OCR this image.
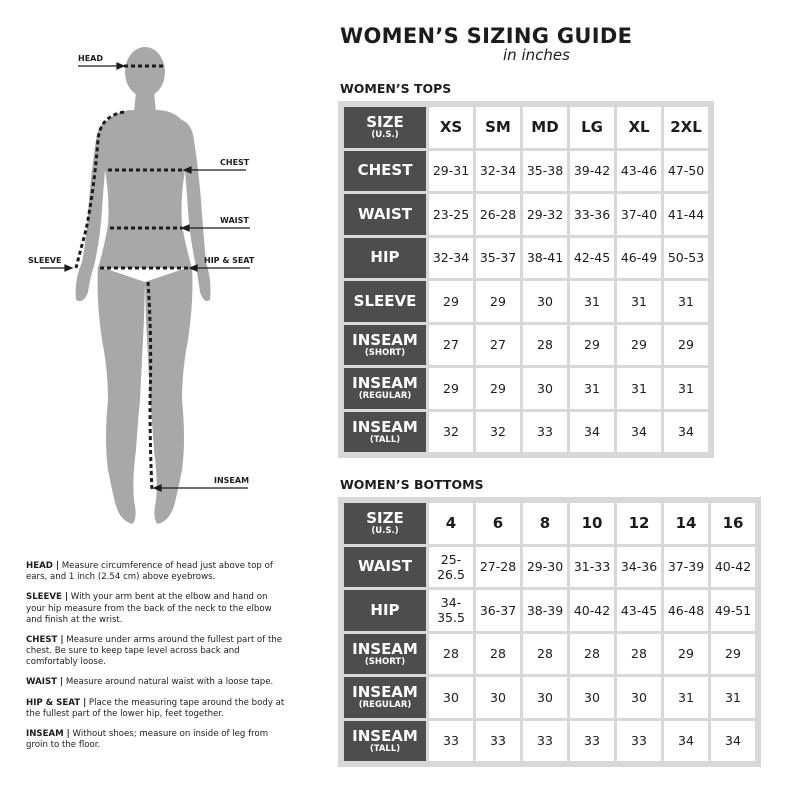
WOMEN’S SIZING GUIDE
in inches
HEAD
CHEST
WAIST
SLEEVE	HIP & SEAT
INSEAM
WOMEN’S TOPS
SIZE
(U.S.)	XS	SM	MD	LG	XL	2XL

CHEST	29-31	32-34	35-38	39-42	43-46	47-50

WAIST	23-25	26-28	29-32	33-36	37-40	41-44

HIP	32-34	35-37	38-41	42-45	46-49	50-53

SLEEVE	29	29	30	31	31	31

INSEAM
(SHORT)	27	27	28	29	29	29

INSEAM
(REGULAR)	29	29	30	31	31	31

INSEAM
(TALL)	32	32	33	34	34	34
WOMEN’S BOTTOMS
SIZE
(U.S.)	4	6	8	10	12	14	16

WAIST	25-
26.5	27-28	29-30	31-33	34-36	37-39	40-42

HIP	34-
35.5	36-37	38-39	40-42	43-45	46-48	49-51

INSEAM
(SHORT)	28	28	28	28	28	29	29

INSEAM
(REGULAR)	30	30	30	30	30	31	31

INSEAM
(TALL)	33	33	33	33	33	34	34

HEAD | Measure circumference of head just above top of ears, and 1 inch (2.54 cm) above eyebrows.

SLEEVE | With your arm bent at the elbow and hand on your hip measure from the back of the neck to the elbow and finish at the wrist.

CHEST | Measure under arms around the fullest part of the chest. Be sure to keep tape level across back and comfortably loose.

WAIST | Measure around natural waist with a loose tape.

HIP & SEAT | Place the measuring tape around the body at the fullest part of the lower hip, feet together.

INSEAM | Without shoes; measure on inside of leg from groin to the floor.
